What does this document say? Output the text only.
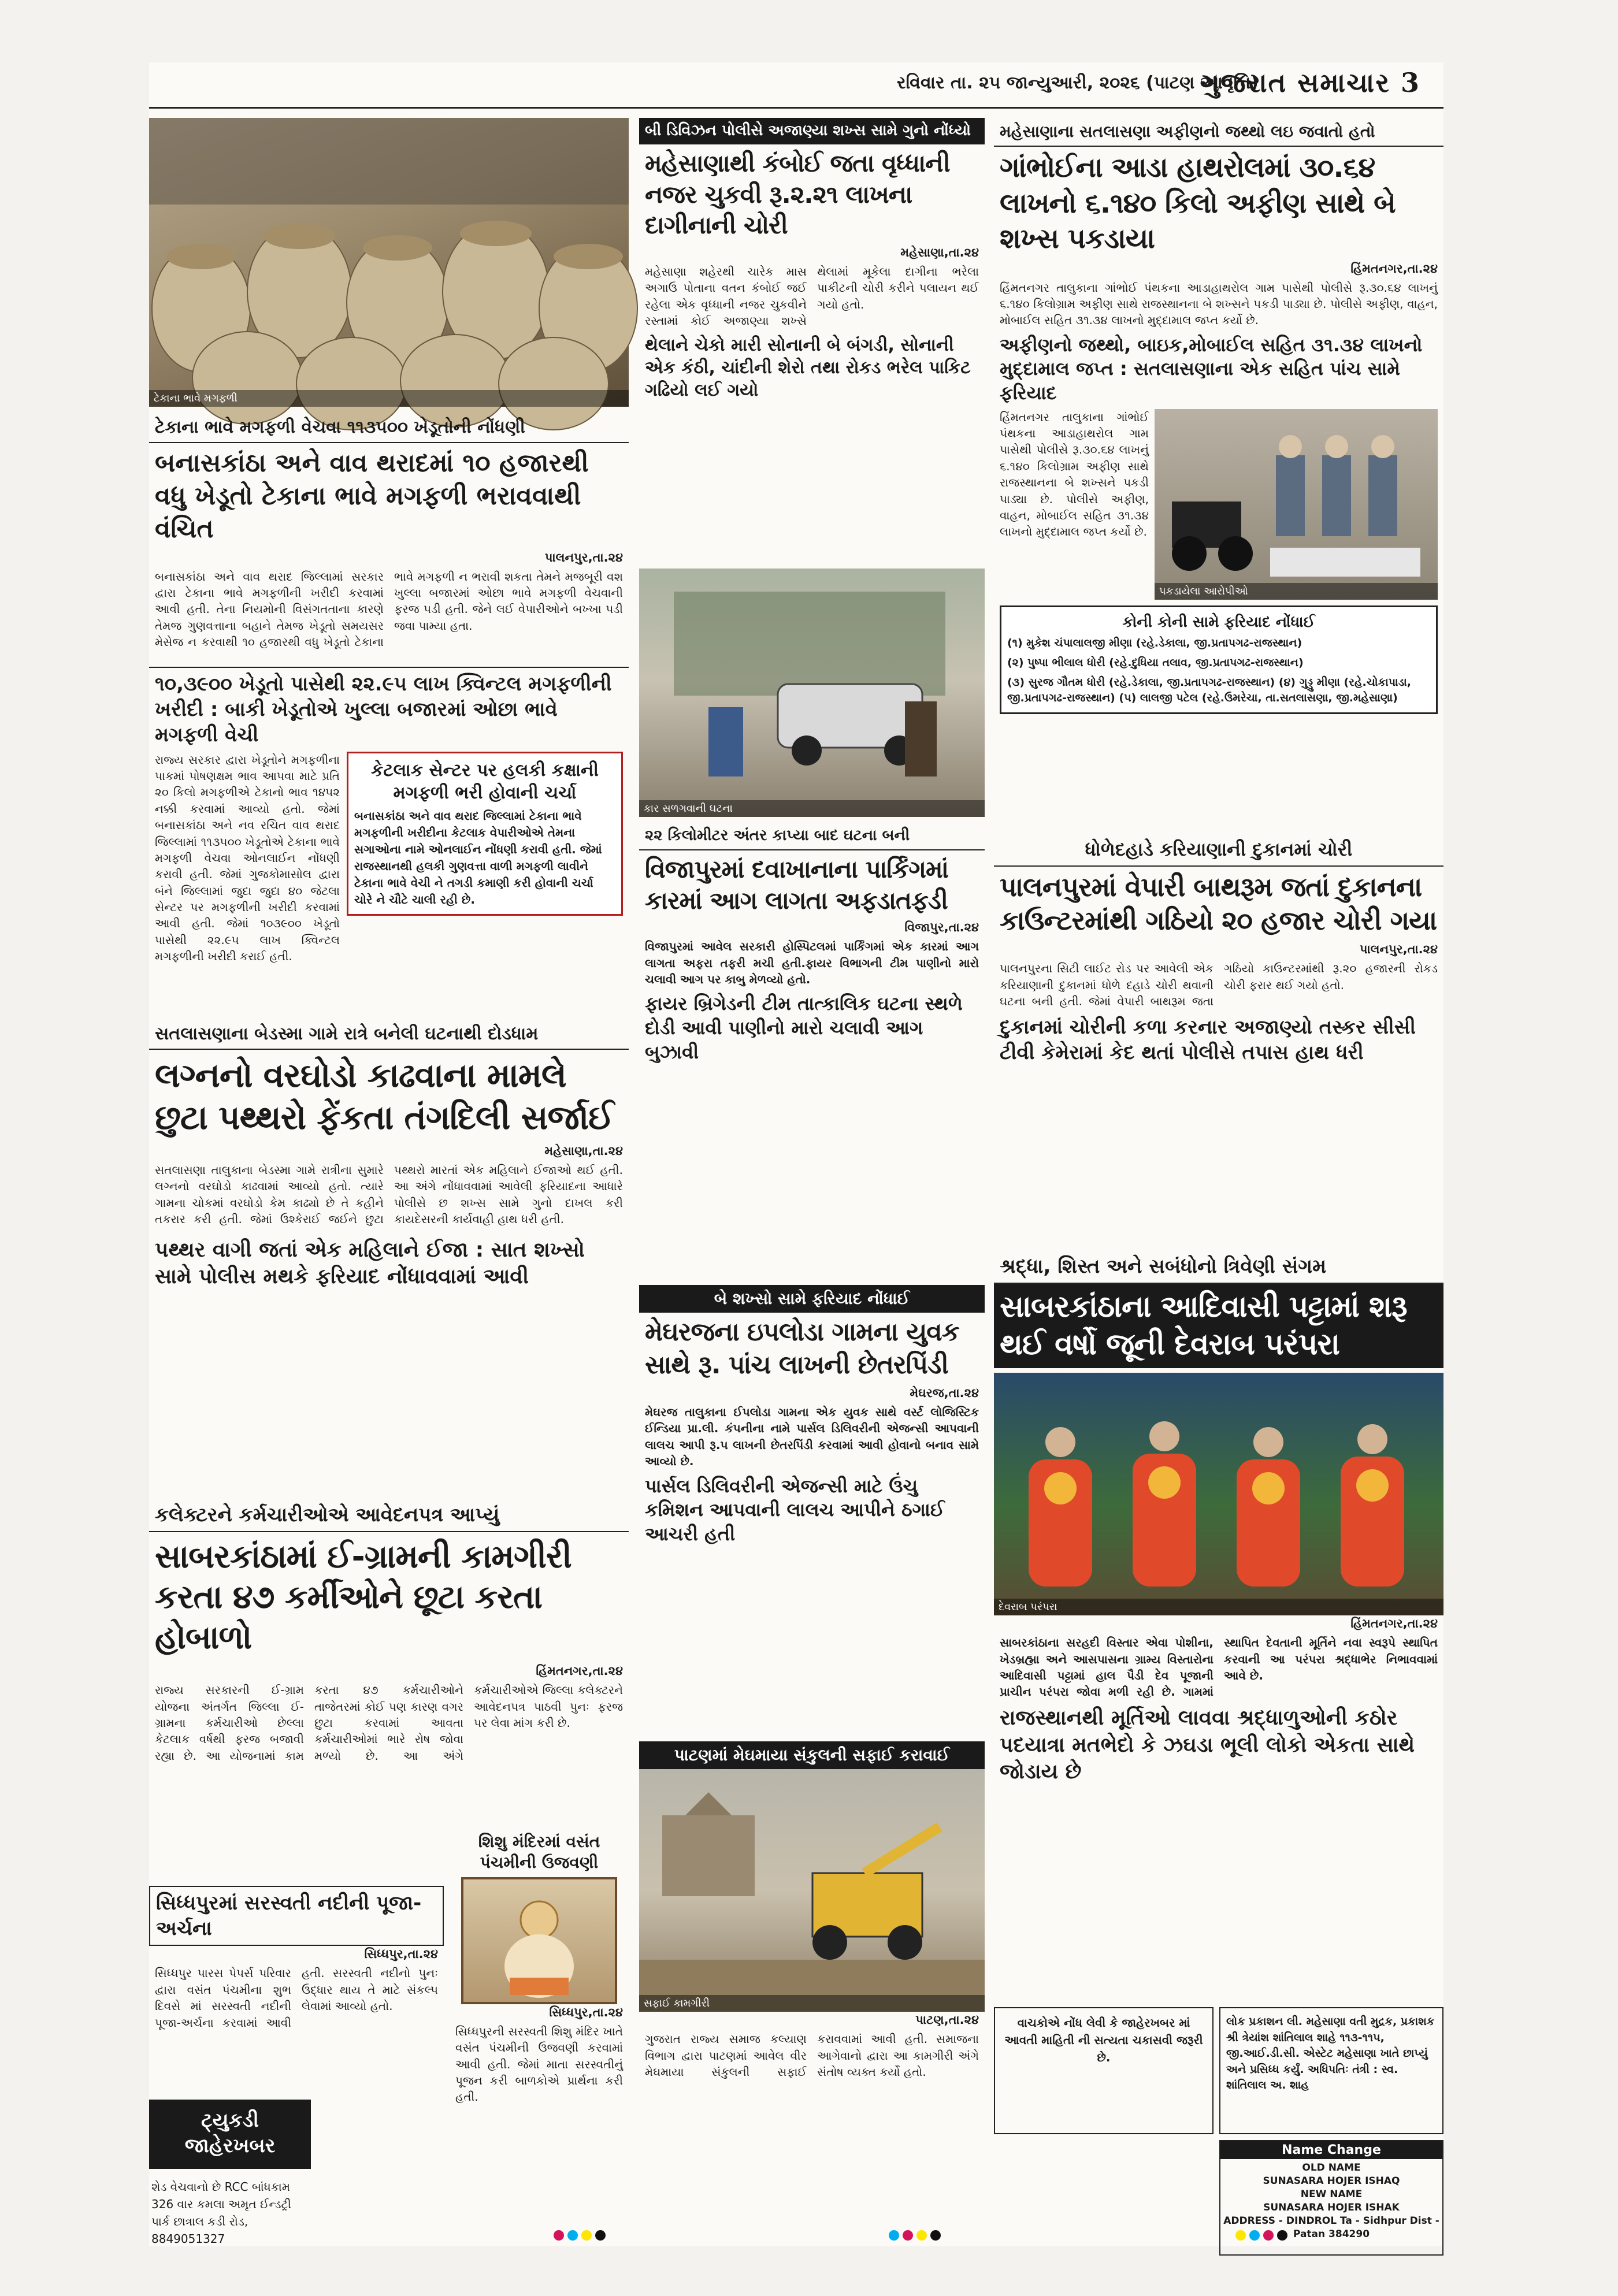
રવિવાર તા. ૨૫ જાન્યુઆરી, ૨૦૨૬ (પાટણ આવૃત્તિ)
ગુજરાત સમાચાર 3
ટેકાના ભાવે મગફળી
ટેકાના ભાવે મગફળી વેચવા ૧૧૩૫૦૦ ખેડૂતોની નોંધણી
બનાસકાંઠા અને વાવ થરાદમાં ૧૦ હજારથી વધુ ખેડૂતો ટેકાના ભાવે મગફળી ભરાવવાથી વંચિત
પાલનપુર,તા.૨૪
બનાસકાંઠા અને વાવ થરાદ જિલ્લામાં સરકાર દ્વારા ટેકાના ભાવે મગફળીની ખરીદી કરવામાં આવી હતી. તેના નિયમોની વિસંગતતાના કારણે તેમજ ગુણવત્તાના બહાને તેમજ ખેડૂતો સમયસર મેસેજ ન કરવાથી ૧૦ હજારથી વધુ ખેડૂતો ટેકાના ભાવે મગફળી ન ભરાવી શકતા તેમને મજબૂરી વશ ખુલ્લા બજારમાં ઓછા ભાવે મગફળી વેચવાની ફરજ પડી હતી. જેને લઈ વેપારીઓને બખ્ખા પડી જવા પામ્યા હતા.
૧૦,૩૯૦૦ ખેડૂતો પાસેથી ૨૨.૯૫ લાખ ક્વિન્ટલ મગફળીની ખરીદી : બાકી ખેડૂતોએ ખુલ્લા બજારમાં ઓછા ભાવે મગફળી વેચી
રાજ્ય સરકાર દ્વારા ખેડૂતોને મગફળીના પાકમાં પોષણક્ષમ ભાવ આપવા માટે પ્રતિ ૨૦ કિલો મગફળીએ ટેકાનો ભાવ ૧૪૫૨ નક્કી કરવામાં આવ્યો હતો. જેમાં બનાસકાંઠા અને નવ રચિત વાવ થરાદ જિલ્લામાં ૧૧૩૫૦૦ ખેડૂતોએ ટેકાના ભાવે મગફળી વેચવા ઓનલાઈન નોંધણી કરાવી હતી. જેમાં ગુજકોમાસોલ દ્વારા બંને જિલ્લામાં જુદા જુદા ૪૦ જેટલા સેન્ટર પર મગફળીની ખરીદી કરવામાં આવી હતી. જેમાં ૧૦૩૯૦૦ ખેડૂતો પાસેથી ૨૨.૯૫ લાખ ક્વિન્ટલ મગફળીની ખરીદી કરાઈ હતી.
કેટલાક સેન્ટર પર હલકી કક્ષાની મગફળી ભરી હોવાની ચર્ચા
બનાસકાંઠા અને વાવ થરાદ જિલ્લામાં ટેકાના ભાવે મગફળીની ખરીદીના કેટલાક વેપારીઓએ તેમના સગાઓના નામે ઓનલાઈન નોંધણી કરાવી હતી. જેમાં રાજસ્થાનથી હલકી ગુણવત્તા વાળી મગફળી લાવીને ટેકાના ભાવે વેચી ને તગડી કમાણી કરી હોવાની ચર્ચા ચોરે ને ચૌટે ચાલી રહી છે.
સતલાસણાના બેડસ્મા ગામે રાત્રે બનેલી ઘટનાથી દોડધામ
લગ્નનો વરઘોડો કાઢવાના મામલે છુટા પથ્થરો ફેંકતા તંગદિલી સર્જાઈ
મહેસાણા,તા.૨૪
સતલાસણા તાલુકાના બેડસ્મા ગામે રાત્રીના સુમારે લગ્નનો વરઘોડો કાઢવામાં આવ્યો હતો. ત્યારે ગામના ચોકમાં વરઘોડો કેમ કાઢ્યો છે તે કહીને તકરાર કરી હતી. જેમાં ઉશ્કેરાઈ જઈને છુટા પથ્થરો મારતાં એક મહિલાને ઈજાઓ થઈ હતી. આ અંગે નોંધાવવામાં આવેલી ફરિયાદના આધારે પોલીસે છ શખ્સ સામે ગુનો દાખલ કરી કાયદેસરની કાર્યવાહી હાથ ધરી હતી.
પથ્થર વાગી જતાં એક મહિલાને ઈજા : સાત શખ્સો સામે પોલીસ મથકે ફરિયાદ નોંધાવવામાં આવી
કલેક્ટરને કર્મચારીઓએ આવેદનપત્ર આપ્યું
સાબરકાંઠામાં ઈ-ગ્રામની કામગીરી કરતા ૪૭ કર્મીઓને છૂટા કરતા હોબાળો
હિંમતનગર,તા.૨૪
રાજ્ય સરકારની ઈ-ગ્રામ યોજના અંતર્ગત જિલ્લા ઈ-ગ્રામના કર્મચારીઓ છેલ્લા કેટલાક વર્ષથી ફરજ બજાવી રહ્યા છે. આ યોજનામાં કામ કરતા ૪૭ કર્મચારીઓને તાજેતરમાં કોઈ પણ કારણ વગર છુટા કરવામાં આવતા કર્મચારીઓમાં ભારે રોષ જોવા મળ્યો છે. આ અંગે કર્મચારીઓએ જિલ્લા કલેક્ટરને આવેદનપત્ર પાઠવી પુનઃ ફરજ પર લેવા માંગ કરી છે.
સિધ્ધપુરમાં સરસ્વતી નદીની પૂજા-અર્ચના
સિધ્ધપુર,તા.૨૪
સિધ્ધપુર પારસ પેપર્સ પરિવાર દ્વારા વસંત પંચમીના શુભ દિવસે માં સરસ્વતી નદીની પૂજા-અર્ચના કરવામાં આવી હતી. સરસ્વતી નદીનો પુનઃ ઉદ્ધાર થાય તે માટે સંકલ્પ લેવામાં આવ્યો હતો.
શિશુ મંદિરમાં વસંત પંચમીની ઉજવણી
સિધ્ધપુર,તા.૨૪
સિધ્ધપુરની સરસ્વતી શિશુ મંદિર ખાતે વસંત પંચમીની ઉજવણી કરવામાં આવી હતી. જેમાં માતા સરસ્વતીનું પૂજન કરી બાળકોએ પ્રાર્થના કરી હતી.
ટ્યુકડી જાહેરખબર
શેડ વેચવાનો છે RCC બાંધકામ
326 વાર કમલા અમૃત ઈન્ડટ્રી
પાર્ક છાત્રાલ કડી રોડ,
8849051327
બી ડિવિઝન પોલીસે અજાણ્યા શખ્સ સામે ગુનો નોંધ્યો
મહેસાણાથી કંબોઈ જતા વૃધ્ધાની નજર ચુકવી રૂ.૨.૨૧ લાખના દાગીનાની ચોરી
મહેસાણા,તા.૨૪
મહેસાણા શહેરથી ચારેક માસ અગાઉ પોતાના વતન કંબોઈ જઈ રહેલા એક વૃધ્ધાની નજર ચુકવીને રસ્તામાં કોઈ અજાણ્યા શખ્સે થેલામાં મૂકેલા દાગીના ભરેલા પાકીટની ચોરી કરીને પલાયન થઈ ગયો હતો.
થેલાને ચેકો મારી સોનાની બે બંગડી, સોનાની એક કંઠી, ચાંદીની શેરો તથા રોકડ ભરેલ પાકિટ ગઢિયો લઈ ગયો
કાર સળગવાની ઘટના
૨૨ કિલોમીટર અંતર કાપ્યા બાદ ઘટના બની
વિજાપુરમાં દવાખાનાના પાર્કિંગમાં કારમાં આગ લાગતા અફડાતફડી
વિજાપુર,તા.૨૪
વિજાપુરમાં આવેલ સરકારી હોસ્પિટલમાં પાર્કિંગમાં એક કારમાં આગ લાગતા અફરા તફરી મચી હતી.ફાયર વિભાગની ટીમ પાણીનો મારો ચલાવી આગ પર કાબુ મેળવ્યો હતો.
ફાયર બ્રિગેડની ટીમ તાત્કાલિક ઘટના સ્થળે દોડી આવી પાણીનો મારો ચલાવી આગ બુઝાવી
બે શખ્સો સામે ફરિયાદ નોંધાઈ
મેઘરજના ઇપલોડા ગામના યુવક સાથે રૂ. પાંચ લાખની છેતરપિંડી
મેઘરજ,તા.૨૪
મેઘરજ તાલુકાના ઈપલોડા ગામના એક યુવક સાથે વર્સ્ટ લોજિસ્ટિક ઈન્ડિયા પ્રા.લી. કંપનીના નામે પાર્સલ ડિલિવરીની એજન્સી આપવાની લાલચ આપી રૂ.૫ લાખની છેતરપિંડી કરવામાં આવી હોવાનો બનાવ સામે આવ્યો છે.
પાર્સલ ડિલિવરીની એજન્સી માટે ઉંચુ કમિશન આપવાની લાલચ આપીને ઠગાઈ આચરી હતી
પાટણમાં મેઘમાયા સંકુલની સફાઈ કરાવાઈ
સફાઈ કામગીરી
પાટણ,તા.૨૪
ગુજરાત રાજ્ય સમાજ કલ્યાણ વિભાગ દ્વારા પાટણમાં આવેલ વીર મેઘમાયા સંકુલની સફાઈ કરાવવામાં આવી હતી. સમાજના આગેવાનો દ્વારા આ કામગીરી અંગે સંતોષ વ્યક્ત કર્યો હતો.
મહેસાણાના સતલાસણા અફીણનો જથ્થો લઇ જવાતો હતો
ગાંભોઈના આડા હાથરોલમાં ૩૦.૬૪ લાખનો ૬.૧૪૦ કિલો અફીણ સાથે બે શખ્સ પકડાયા
હિંમતનગર,તા.૨૪
હિંમતનગર તાલુકાના ગાંભોઈ પંથકના આડાહાથરોલ ગામ પાસેથી પોલીસે રૂ.૩૦.૬૪ લાખનું ૬.૧૪૦ કિલોગ્રામ અફીણ સાથે રાજસ્થાનના બે શખ્સને પકડી પાડ્યા છે. પોલીસે અફીણ, વાહન, મોબાઈલ સહિત ૩૧.૩૪ લાખનો મુદ્દામાલ જપ્ત કર્યો છે.
અફીણનો જથ્થો, બાઇક,મોબાઈલ સહિત ૩૧.૩૪ લાખનો મુદ્દામાલ જપ્ત : સતલાસણાના એક સહિત પાંચ સામે ફરિયાદ
હિંમતનગર તાલુકાના ગાંભોઈ પંથકના આડાહાથરોલ ગામ પાસેથી પોલીસે રૂ.૩૦.૬૪ લાખનું ૬.૧૪૦ કિલોગ્રામ અફીણ સાથે રાજસ્થાનના બે શખ્સને પકડી પાડ્યા છે. પોલીસે અફીણ, વાહન, મોબાઈલ સહિત ૩૧.૩૪ લાખનો મુદ્દામાલ જપ્ત કર્યો છે.
પકડાયેલા આરોપીઓ
કોની કોની સામે ફરિયાદ નોંધાઈ
(૧) મુકેશ ચંપાલાલજી મીણા (રહે.ડેકાલા, જી.પ્રતાપગઢ-રાજસ્થાન)
(૨) પુષ્પા ભીલાલ ધોરી (રહે.દુધિયા તલાવ, જી.પ્રતાપગઢ-રાજસ્થાન)
(૩) સુરજ ગૌતમ ધોરી (રહે.ડેકાલા, જી.પ્રતાપગઢ-રાજસ્થાન) (૪) ગુડ્ડુ મીણા (રહે.ચોકાપાડા, જી.પ્રતાપગઢ-રાજસ્થાન) (૫) લાલજી પટેલ (રહે.ઉમરેચા, તા.સતલાસણા, જી.મહેસાણા)
ધોળેદહાડે કરિયાણાની દુકાનમાં ચોરી
પાલનપુરમાં વેપારી બાથરૂમ જતાં દુકાનના કાઉન્ટરમાંથી ગઠિયો ૨૦ હજાર ચોરી ગયા
પાલનપુર,તા.૨૪
પાલનપુરના સિટી લાઈટ રોડ પર આવેલી એક કરિયાણાની દુકાનમાં ધોળે દહાડે ચોરી થવાની ઘટના બની હતી. જેમાં વેપારી બાથરૂમ જતા ગઠિયો કાઉન્ટરમાંથી રૂ.૨૦ હજારની રોકડ ચોરી ફરાર થઈ ગયો હતો.
દુકાનમાં ચોરીની કળા કરનાર અજાણ્યો તસ્કર સીસી ટીવી કેમેરામાં કેદ થતાં પોલીસે તપાસ હાથ ધરી
શ્રદ્ધા, શિસ્ત અને સબંધોનો ત્રિવેણી સંગમ
સાબરકાંઠાના આદિવાસી પટ્ટામાં શરૂ થઈ વર્ષો જૂની દેવરાબ પરંપરા
દેવરાબ પરંપરા
હિંમતનગર,તા.૨૪
સાબરકાંઠાના સરહદી વિસ્તાર એવા પોશીના, ખેડબ્રહ્મા અને આસપાસના ગ્રામ્ય વિસ્તારોના આદિવાસી પટ્ટામાં હાલ પૈડી દેવ પૂજાની પ્રાચીન પરંપરા જોવા મળી રહી છે. ગામમાં સ્થાપિત દેવતાની મૂર્તિને નવા સ્વરૂપે સ્થાપિત કરવાની આ પરંપરા શ્રદ્ધાભેર નિભાવવામાં આવે છે.
રાજસ્થાનથી મૂર્તિઓ લાવવા શ્રદ્ધાળુઓની કઠોર પદયાત્રા મતભેદો કે ઝઘડા ભૂલી લોકો એકતા સાથે જોડાય છે
વાચકોએ નોંધ લેવી કે જાહેરખબર માં આવતી માહિતી ની સત્યતા ચકાસવી જરૂરી છે.
લોક પ્રકાશન લી. મહેસાણા વતી મુદ્રક, પ્રકાશક શ્રી ત્રેયાંશ શાંતિલાલ શાહે ૧૧૩-૧૧૫, જી.આઈ.ડી.સી. એસ્ટેટ મહેસાણા ખાતે છાપ્યું અને પ્રસિધ્ધ કર્યું. અધિપતિઃ તંત્રી : સ્વ. શાંતિલાલ અ. શાહ
Name Change
OLD NAME
SUNASARA HOJER ISHAQ
NEW NAME
SUNASARA HOJER ISHAK
ADDRESS - DINDROL Ta - Sidhpur Dist - Patan 384290
